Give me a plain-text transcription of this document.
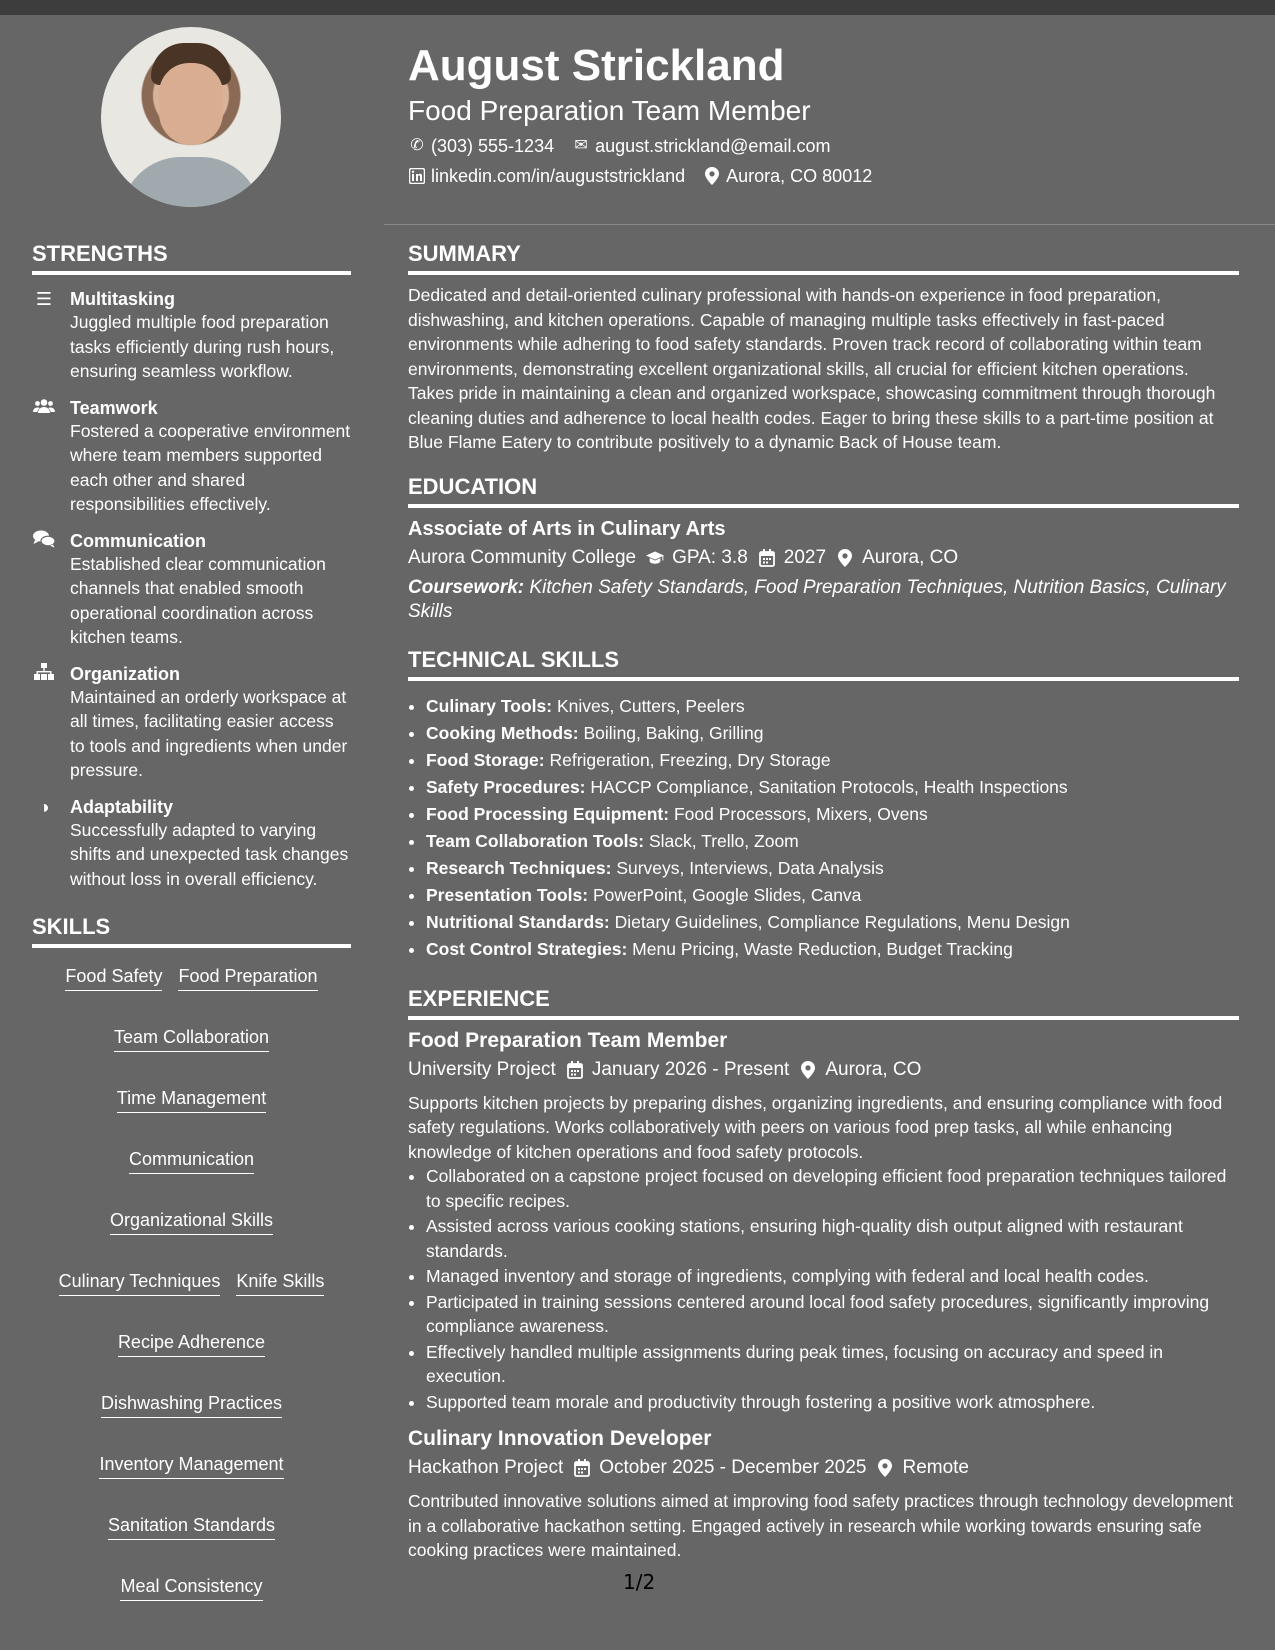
August Strickland
Food Preparation Team Member
✆ (303) 555-1234 ✉ august.strickland@email.com
linkedin.com/in/auguststrickland Aurora, CO 80012
STRENGTHS
☰ Multitasking
Juggled multiple food preparation tasks efficiently during rush hours, ensuring seamless workflow.
Teamwork
Fostered a cooperative environment where team members supported each other and shared responsibilities effectively.
Communication
Established clear communication channels that enabled smooth operational coordination across kitchen teams.
Organization
Maintained an orderly workspace at all times, facilitating easier access to tools and ingredients when under pressure.
◑	Adaptability
Successfully adapted to varying shifts and unexpected task changes without loss in overall efficiency.
SKILLS
Food Safety Food Preparation
Team Collaboration
Time Management
Communication
Organizational Skills
Culinary Techniques Knife Skills
Recipe Adherence
Dishwashing Practices
Inventory Management
Sanitation Standards
Meal Consistency
SUMMARY
Dedicated and detail-oriented culinary professional with hands-on experience in food preparation, dishwashing, and kitchen operations. Capable of managing multiple tasks effectively in fast-paced environments while adhering to food safety standards. Proven track record of collaborating within team environments, demonstrating excellent organizational skills, all crucial for efficient kitchen operations. Takes pride in maintaining a clean and organized workspace, showcasing commitment through thorough cleaning duties and adherence to local health codes. Eager to bring these skills to a part-time position at Blue Flame Eatery to contribute positively to a dynamic Back of House team.
EDUCATION
Associate of Arts in Culinary Arts
Aurora Community College GPA: 3.8 2027 Aurora, CO
Coursework: Kitchen Safety Standards, Food Preparation Techniques, Nutrition Basics, Culinary Skills
TECHNICAL SKILLS
• Culinary Tools: Knives, Cutters, Peelers
• Cooking Methods: Boiling, Baking, Grilling
• Food Storage: Refrigeration, Freezing, Dry Storage
• Safety Procedures: HACCP Compliance, Sanitation Protocols, Health Inspections
• Food Processing Equipment: Food Processors, Mixers, Ovens
• Team Collaboration Tools: Slack, Trello, Zoom
• Research Techniques: Surveys, Interviews, Data Analysis
• Presentation Tools: PowerPoint, Google Slides, Canva
• Nutritional Standards: Dietary Guidelines, Compliance Regulations, Menu Design
• Cost Control Strategies: Menu Pricing, Waste Reduction, Budget Tracking
EXPERIENCE
Food Preparation Team Member
University Project January 2026 - Present Aurora, CO
Supports kitchen projects by preparing dishes, organizing ingredients, and ensuring compliance with food safety regulations. Works collaboratively with peers on various food prep tasks, all while enhancing knowledge of kitchen operations and food safety protocols.
• Collaborated on a capstone project focused on developing efficient food preparation techniques tailored to specific recipes.
• Assisted across various cooking stations, ensuring high-quality dish output aligned with restaurant standards.
• Managed inventory and storage of ingredients, complying with federal and local health codes.
• Participated in training sessions centered around local food safety procedures, significantly improving compliance awareness.
• Effectively handled multiple assignments during peak times, focusing on accuracy and speed in execution.
• Supported team morale and productivity through fostering a positive work atmosphere.
Culinary Innovation Developer
Hackathon Project October 2025 - December 2025 Remote
Contributed innovative solutions aimed at improving food safety practices through technology development in a collaborative hackathon setting. Engaged actively in research while working towards ensuring safe cooking practices were maintained.
1/2
